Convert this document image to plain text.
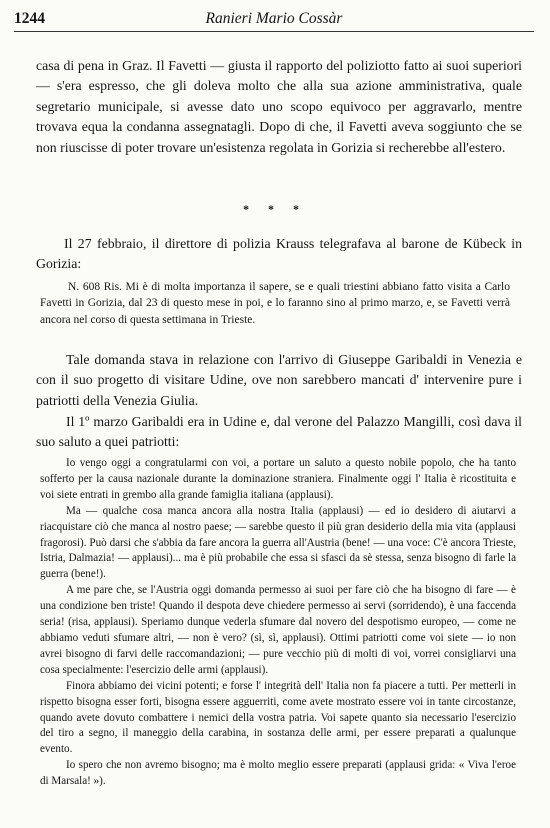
1244	Ranieri Mario Cossàr

casa di pena in Graz. Il Favetti — giusta il rapporto del poliziotto fatto ai suoi superiori — s'era espresso, che gli doleva molto che alla sua azione amministrativa, quale segretario municipale, si avesse dato uno scopo equivoco per aggravarlo, mentre trovava equa la condanna assegnatagli. Dopo di che, il Favetti aveva soggiunto che se non riuscisse di poter trovare un'esistenza regolata in Gorizia si recherebbe all'estero.

* * *

Il 27 febbraio, il direttore di polizia Krauss telegrafava al barone de Kübeck in Gorizia:

N. 608 Ris. Mi è di molta importanza il sapere, se e quali triestini abbiano fatto visita a Carlo Favetti in Gorizia, dal 23 di questo mese in poi, e lo faranno sino al primo marzo, e, se Favetti verrà ancora nel corso di questa settimana in Trieste.

Tale domanda stava in relazione con l'arrivo di Giuseppe Garibaldi in Venezia e con il suo progetto di visitare Udine, ove non sarebbero mancati d' intervenire pure i patriotti della Venezia Giulia.

Il 1º marzo Garibaldi era in Udine e, dal verone del Palazzo Mangilli, così dava il suo saluto a quei patriotti:

Io vengo oggi a congratularmi con voi, a portare un saluto a questo nobile popolo, che ha tanto sofferto per la causa nazionale durante la dominazione straniera. Finalmente oggi l' Italia è ricostituita e voi siete entrati in grembo alla grande famiglia italiana (applausi).

Ma — qualche cosa manca ancora alla nostra Italia (applausi) — ed io desidero di aiutarvi a riacquistare ciò che manca al nostro paese; — sarebbe questo il più gran desiderio della mia vita (applausi fragorosi). Può darsi che s'abbia da fare ancora la guerra all'Austria (bene! — una voce: C'è ancora Trieste, Istria, Dalmazia! — applausi)... ma è più probabile che essa si sfasci da sè stessa, senza bisogno di farle la guerra (bene!).

A me pare che, se l'Austria oggi domanda permesso ai suoi per fare ciò che ha bisogno di fare — è una condizione ben triste! Quando il despota deve chiedere permesso ai servi (sorridendo), è una faccenda seria! (risa, applausi). Speriamo dunque vederla sfumare dal novero del despotismo europeo, — come ne abbiamo veduti sfumare altri, — non è vero? (sì, sì, applausi). Ottimi patriotti come voi siete — io non avrei bisogno di farvi delle raccomandazioni; — pure vecchio più di molti di voi, vorrei consigliarvi una cosa specialmente: l'esercizio delle armi (applausi).

Finora abbiamo dei vicini potenti; e forse l' integrità dell' Italia non fa piacere a tutti. Per metterli in rispetto bisogna esser forti, bisogna essere agguerriti, come avete mostrato essere voi in tante circostanze, quando avete dovuto combattere i nemici della vostra patria. Voi sapete quanto sia necessario l'esercizio del tiro a segno, il maneggio della carabina, in sostanza delle armi, per essere preparati a qualunque evento.

Io spero che non avremo bisogno; ma è molto meglio essere preparati (applausi grida: « Viva l'eroe di Marsala! »).
